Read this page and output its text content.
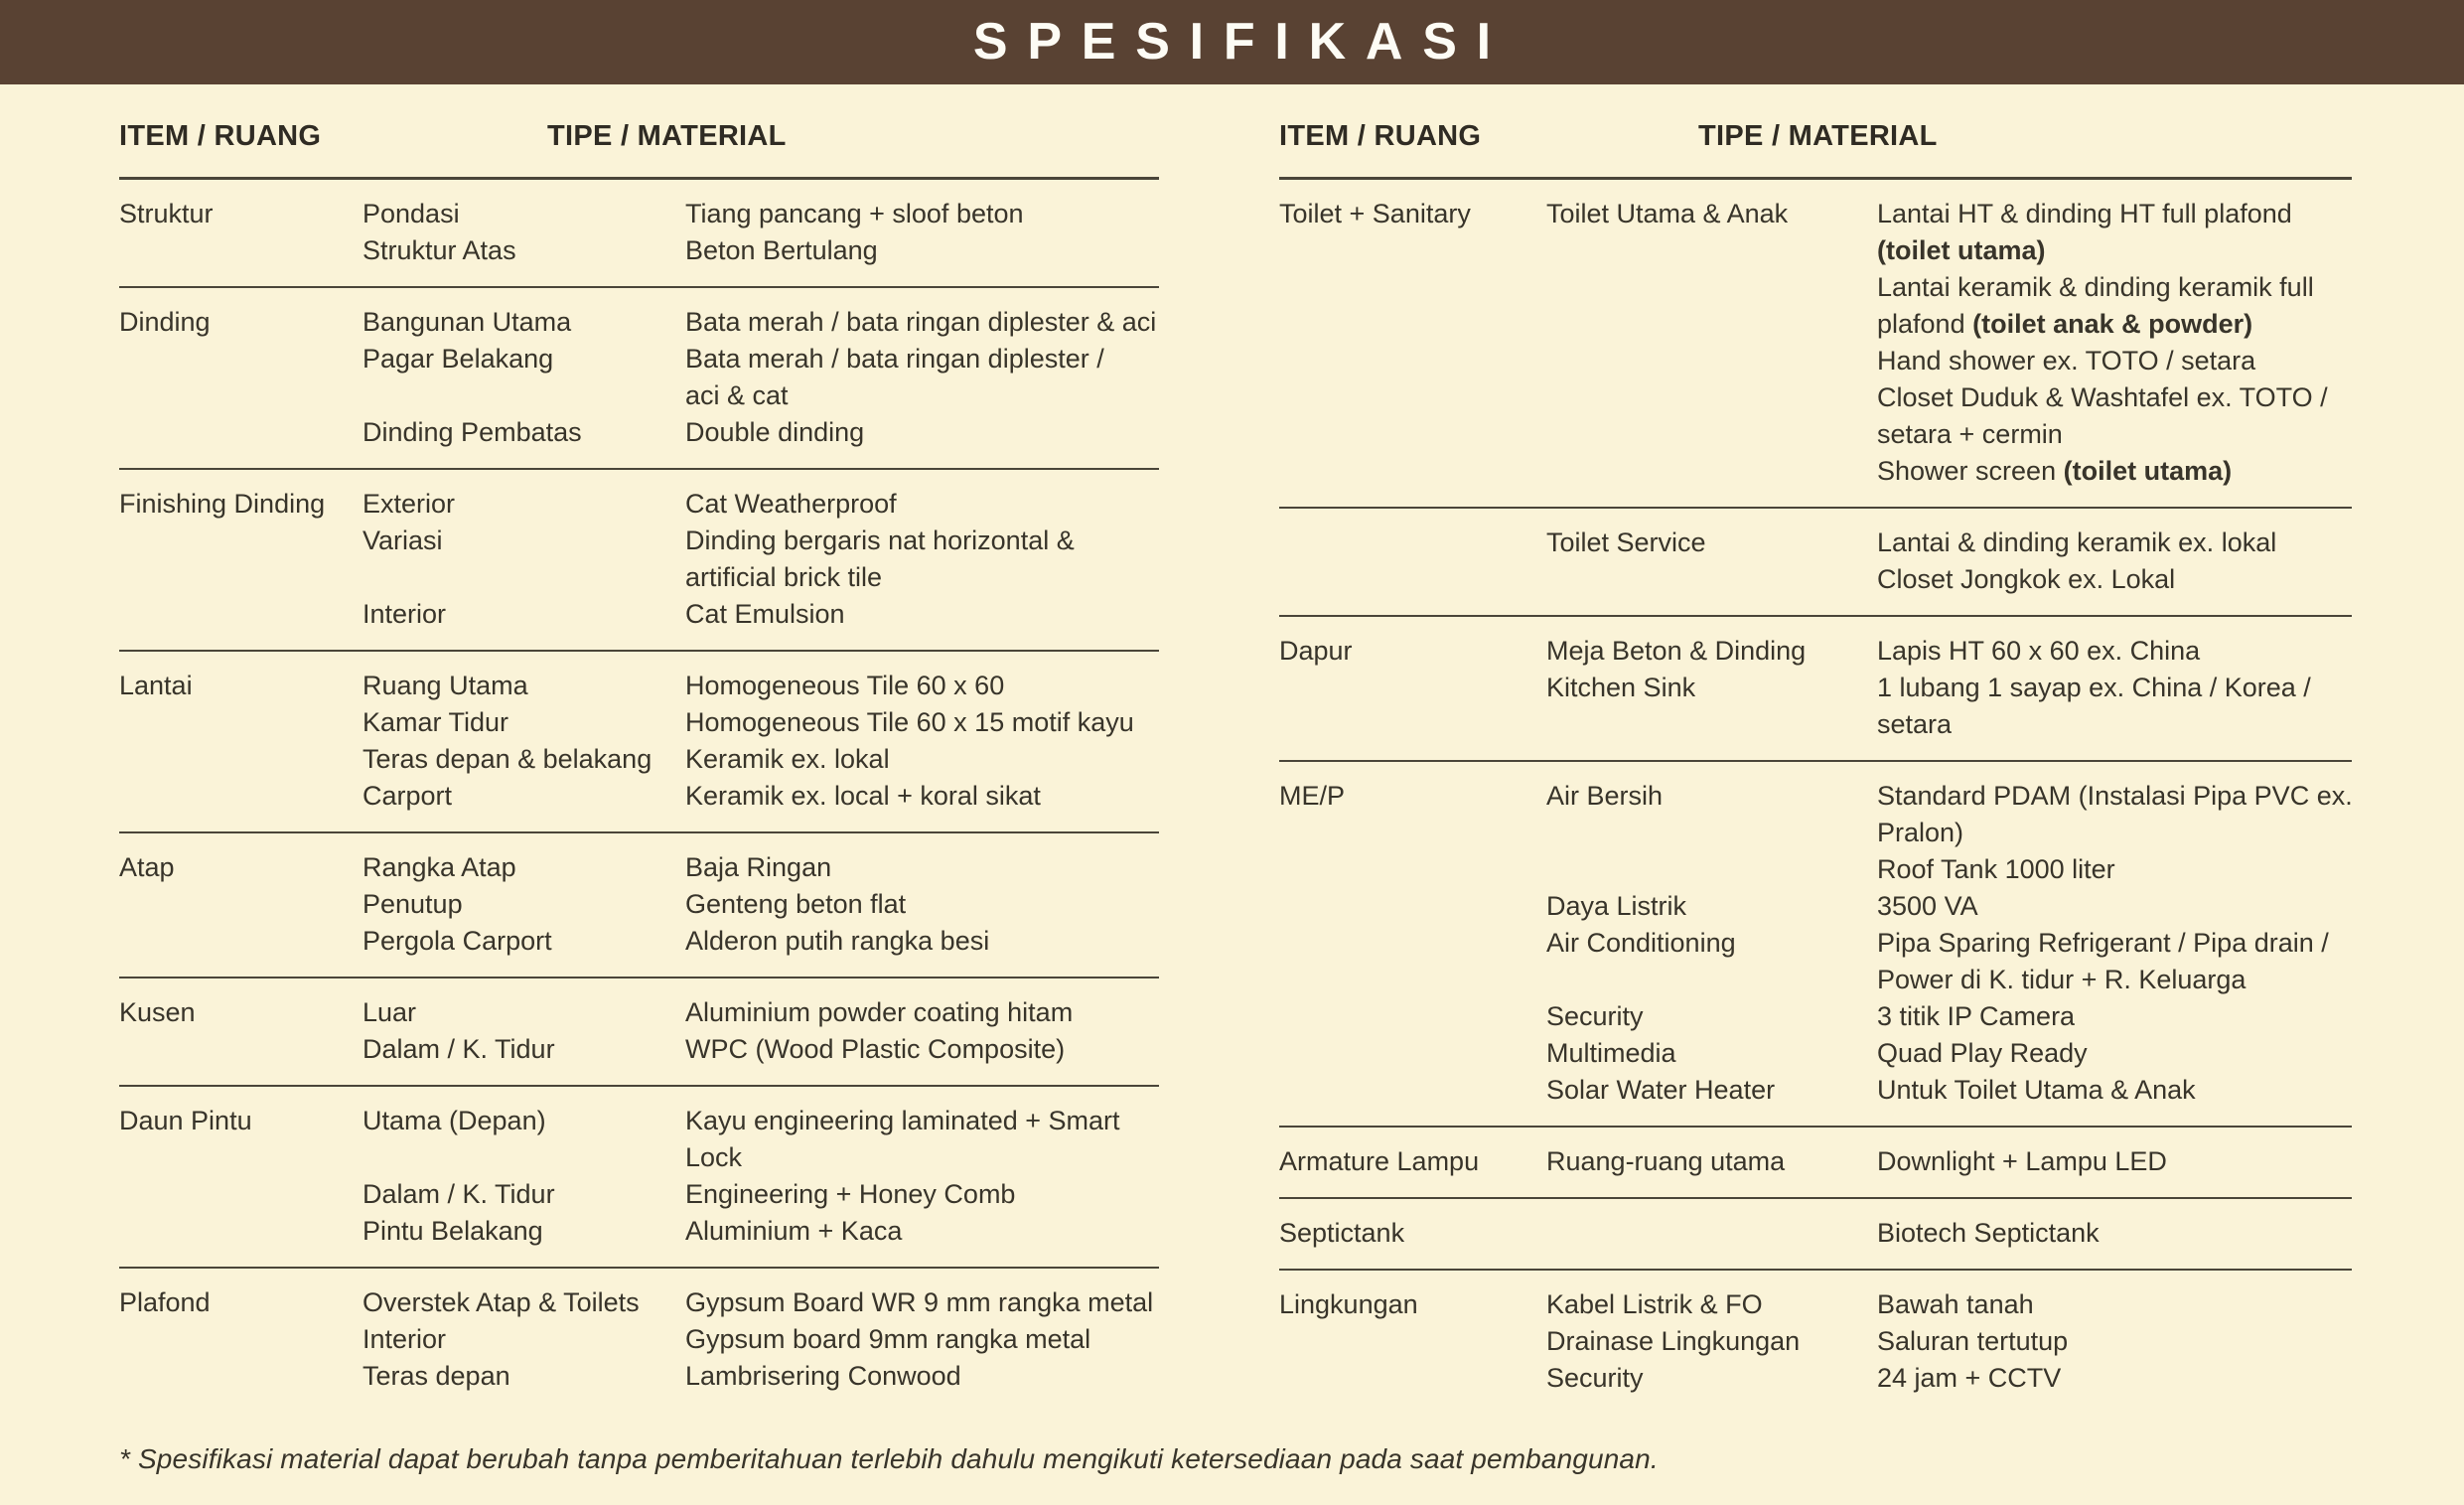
SPESIFIKASI
ITEM / RUANG	TIPE / MATERIAL
Struktur	Pondasi	Tiang pancang + sloof beton
Struktur Atas	Beton Bertulang
Dinding	Bangunan Utama	Bata merah / bata ringan diplester & aci
Pagar Belakang	Bata merah / bata ringan diplester /
aci & cat
Dinding Pembatas	Double dinding
Finishing Dinding	Exterior	Cat Weatherproof
Variasi	Dinding bergaris nat horizontal &
artificial brick tile
Interior	Cat Emulsion
Lantai	Ruang Utama	Homogeneous Tile 60 x 60
Kamar Tidur	Homogeneous Tile 60 x 15 motif kayu
Teras depan & belakang	Keramik ex. lokal
Carport	Keramik ex. local + koral sikat
Atap	Rangka Atap	Baja Ringan
Penutup	Genteng beton flat
Pergola Carport	Alderon putih rangka besi
Kusen	Luar	Aluminium powder coating hitam
Dalam / K. Tidur	WPC (Wood Plastic Composite)
Daun Pintu	Utama (Depan)	Kayu engineering laminated + Smart
Lock
Dalam / K. Tidur	Engineering + Honey Comb
Pintu Belakang	Aluminium + Kaca
Plafond	Overstek Atap & Toilets	Gypsum Board WR 9 mm rangka metal
Interior	Gypsum board 9mm rangka metal
Teras depan	Lambrisering Conwood
ITEM / RUANG	TIPE / MATERIAL
Toilet + Sanitary	Toilet Utama & Anak	Lantai HT & dinding HT full plafond
(toilet utama)
Lantai keramik & dinding keramik full
plafond (toilet anak & powder)
Hand shower ex. TOTO / setara
Closet Duduk & Washtafel ex. TOTO /
setara + cermin
Shower screen (toilet utama)
Toilet Service	Lantai & dinding keramik ex. lokal
Closet Jongkok ex. Lokal
Dapur	Meja Beton & Dinding	Lapis HT 60 x 60 ex. China
Kitchen Sink	1 lubang 1 sayap ex. China / Korea /
setara
ME/P	Air Bersih	Standard PDAM (Instalasi Pipa PVC ex.
Pralon)
Roof Tank 1000 liter
Daya Listrik	3500 VA
Air Conditioning	Pipa Sparing Refrigerant / Pipa drain /
Power di K. tidur + R. Keluarga
Security	3 titik IP Camera
Multimedia	Quad Play Ready
Solar Water Heater	Untuk Toilet Utama & Anak
Armature Lampu	Ruang-ruang utama	Downlight + Lampu LED
Septictank	Biotech Septictank
Lingkungan	Kabel Listrik & FO	Bawah tanah
Drainase Lingkungan	Saluran tertutup
Security	24 jam + CCTV
* Spesifikasi material dapat berubah tanpa pemberitahuan terlebih dahulu mengikuti ketersediaan pada saat pembangunan.
